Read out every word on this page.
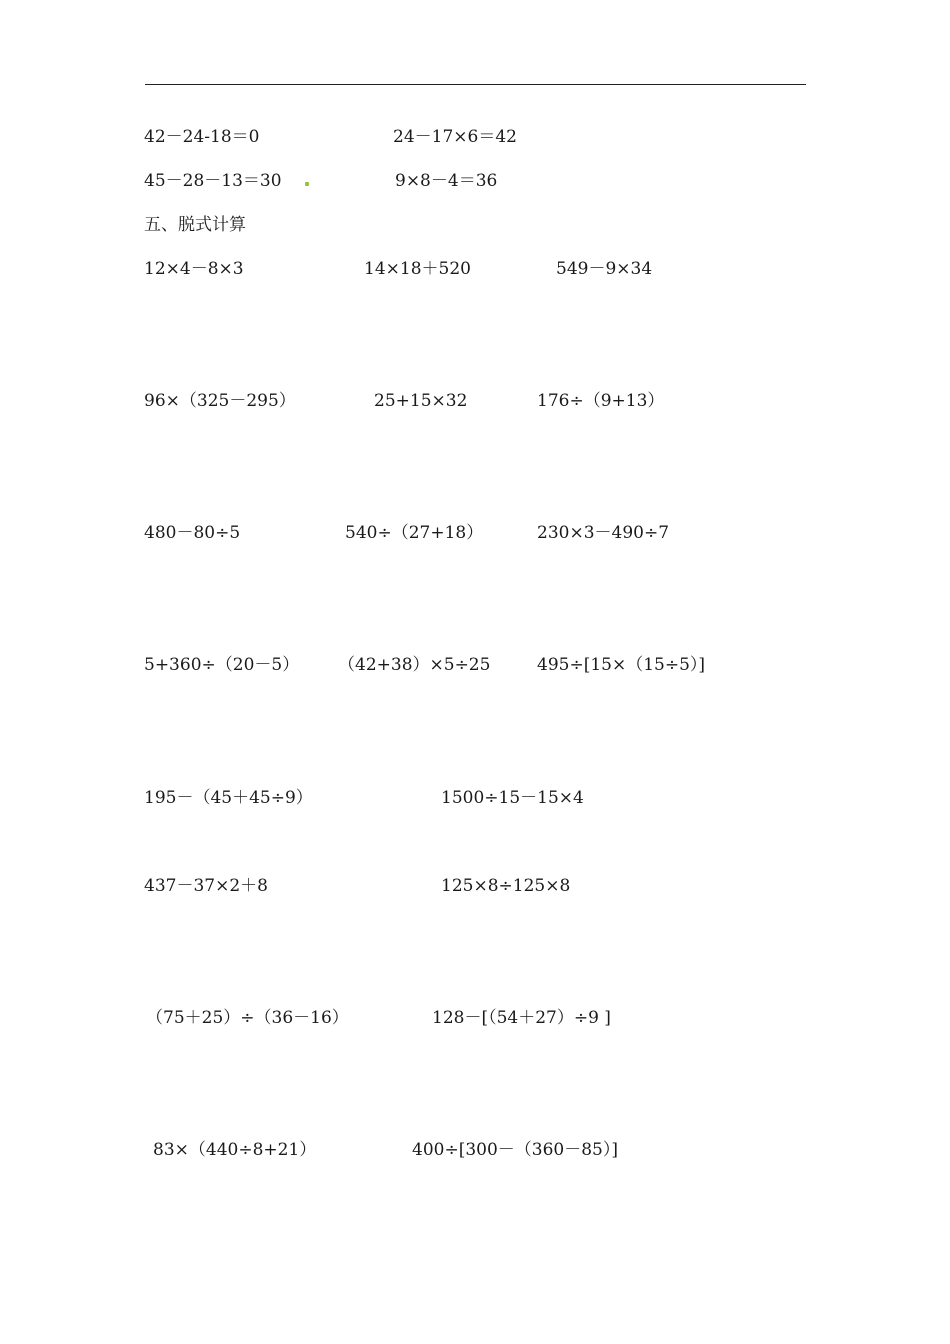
42－24-18＝0	24－17×6＝42
45－28－13＝30	9×8－4＝36
五、脱式计算
12×4－8×3	14×18＋520	549－9×34
96×（325－295）	25+15×32	176÷（9+13）
480－80÷5	540÷（27+18）	230×3－490÷7
5+360÷（20－5） （42+38）×5÷25	495÷[15×（15÷5）]
195－（45＋45÷9）	1500÷15－15×4
437－37×2＋8	125×8÷125×8
（75＋25）÷（36－16）	128－[（54＋27）÷9 ]
83×（440÷8+21）	400÷[300－（360－85）]
